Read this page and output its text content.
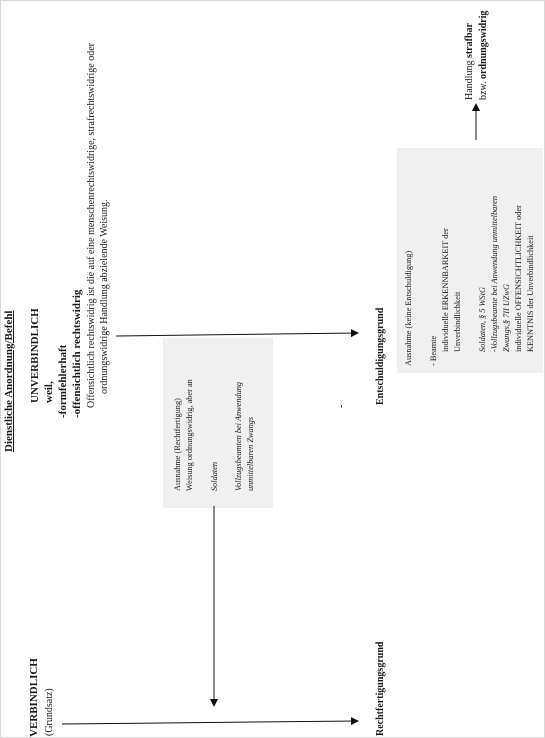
Dienstliche Anordnung/Befehl UNVERBINDLICH weil, -formfehlerhaft -offensichtlich rechtswidrig Offensichtlich rechtswidrig ist die auf eine menschenrechtswidrige, strafrechtswidrige oder ordnungswidrige Handlung abzielende Weisung.
VERBINDLICH (Grundsatz)
Ausnahme (Rechtfertigung) Weisung ordnungswidrig, aber an Soldaten Vollzugsbeamten bei Anwendung unmittelbaren Zwangs
Ausnahme (keine Entschuldigung) - Beamte individuelle ERKENNBARKEIT der Unverbindlichkeit Soldaten, § 5 WStG -Vollzugsbeamte bei Anwendung unmittelbaren Zwangs,§ 7II UZwG individuelle OFFENSICHTLICHKEIT oder KENNTNIS der Unverbindlichkeit
Rechtfertigungsgrund
Entschuldigungsgrund
-
Handlung strafbar
bzw. ordnungswidrig
